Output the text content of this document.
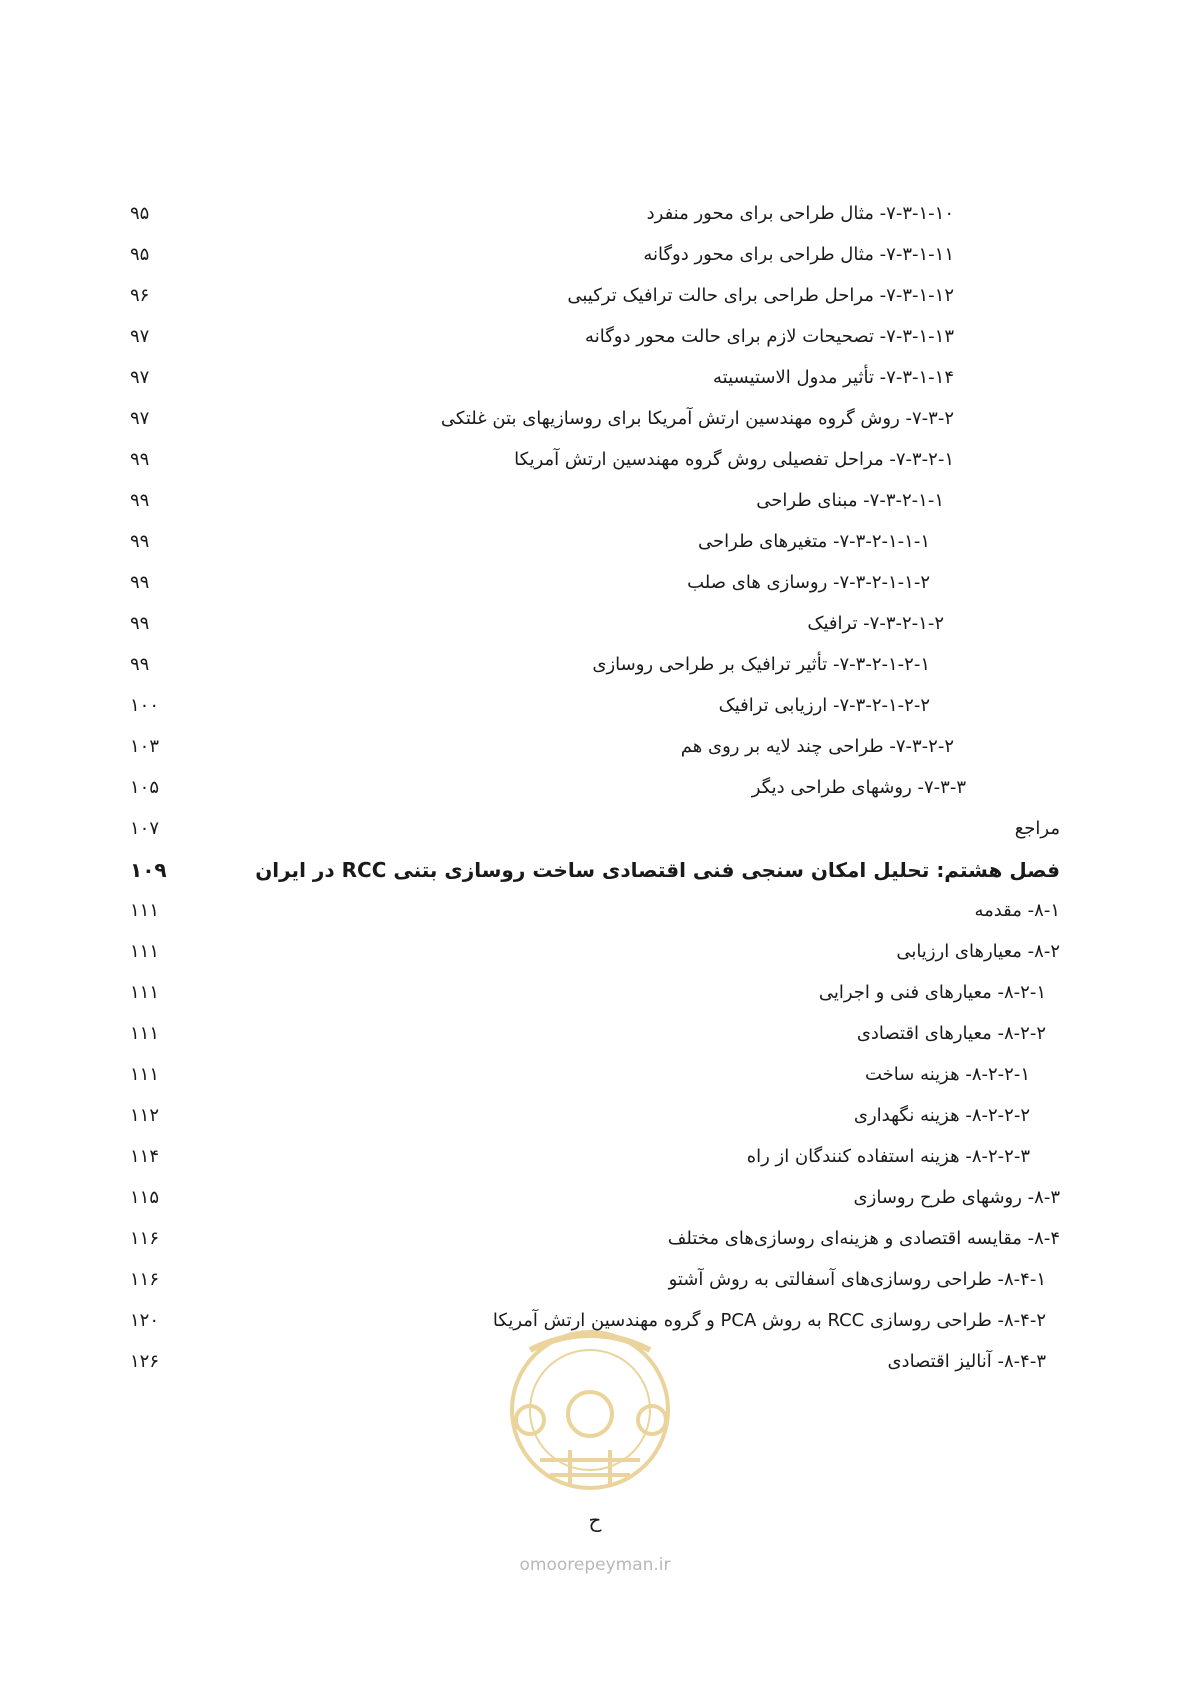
۷-۳-۱-۱۰- مثال طراحی برای محور منفرد
۹۵
۷-۳-۱-۱۱- مثال طراحی برای محور دوگانه
۹۵
۷-۳-۱-۱۲- مراحل طراحی برای حالت ترافیک ترکیبی
۹۶
۷-۳-۱-۱۳- تصحیحات لازم برای حالت محور دوگانه
۹۷
۷-۳-۱-۱۴- تأثیر مدول الاستیسیته
۹۷
۷-۳-۲- روش گروه مهندسین ارتش آمریکا برای روسازیهای بتن غلتکی
۹۷
۷-۳-۲-۱- مراحل تفصیلی روش گروه مهندسین ارتش آمریکا
۹۹
۷-۳-۲-۱-۱- مبنای طراحی
۹۹
۷-۳-۲-۱-۱-۱- متغیرهای طراحی
۹۹
۷-۳-۲-۱-۱-۲- روسازی های صلب
۹۹
۷-۳-۲-۱-۲- ترافیک
۹۹
۷-۳-۲-۱-۲-۱- تأثیر ترافیک بر طراحی روسازی
۹۹
۷-۳-۲-۱-۲-۲- ارزیابی ترافیک
۱۰۰
۷-۳-۲-۲- طراحی چند لایه بر روی هم
۱۰۳
۷-۳-۳- روشهای طراحی دیگر
۱۰۵
مراجع
۱۰۷
فصل هشتم: تحلیل امکان سنجی فنی اقتصادی ساخت روسازی بتنی RCC در ایران
۱۰۹
۸-۱- مقدمه
۱۱۱
۸-۲- معیارهای ارزیابی
۱۱۱
۸-۲-۱- معیارهای فنی و اجرایی
۱۱۱
۸-۲-۲- معیارهای اقتصادی
۱۱۱
۸-۲-۲-۱- هزینه ساخت
۱۱۱
۸-۲-۲-۲- هزینه نگهداری
۱۱۲
۸-۲-۲-۳- هزینه استفاده کنندگان از راه
۱۱۴
۸-۳- روشهای طرح روسازی
۱۱۵
۸-۴- مقایسه اقتصادی و هزینه‌ای روسازی‌های مختلف
۱۱۶
۸-۴-۱- طراحی روسازی‌های آسفالتی به روش آشتو
۱۱۶
۸-۴-۲- طراحی روسازی RCC به روش PCA و گروه مهندسین ارتش آمریکا
۱۲۰
۸-۴-۳- آنالیز اقتصادی
۱۲۶
ح
omoorepeyman.ir
